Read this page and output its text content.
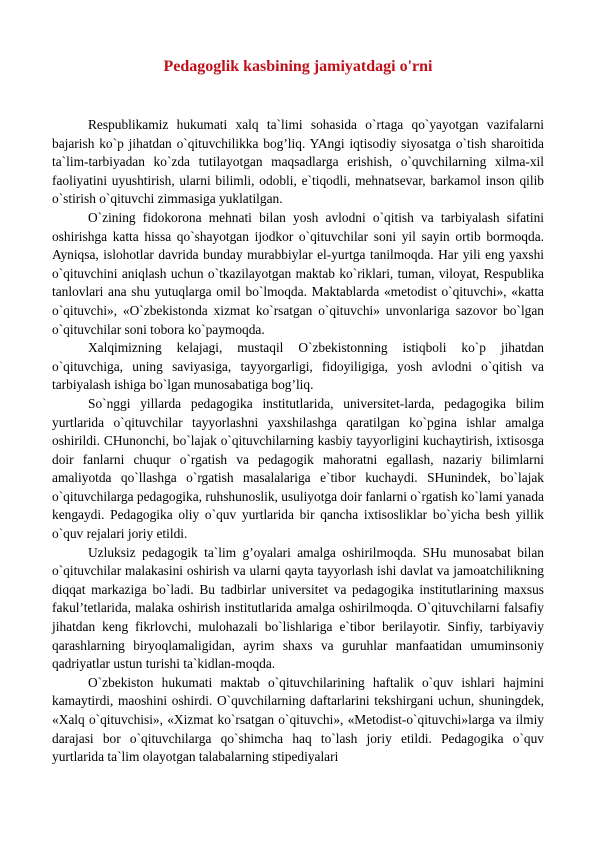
Pedagoglik kasbining jamiyatdagi o'rni

Respublikamiz hukumati xalq ta`limi sohasida o`rtaga qo`yayotgan vazifalarni bajarish ko`p jihatdan o`qituvchilikka bog’liq. YAngi iqtisodiy siyosatga o`tish sharoitida ta`lim-tarbiyadan ko`zda tutilayotgan maqsadlarga erishish, o`quvchilarning xilma-xil faoliyatini uyushtirish, ularni bilimli, odobli, e`tiqodli, mehnatsevar, barkamol inson qilib o`stirish o`qituvchi zimmasiga yuklatilgan.

O`zining fidokorona mehnati bilan yosh avlodni o`qitish va tarbiyalash sifatini oshirishga katta hissa qo`shayotgan ijodkor o`qituvchilar soni yil sayin ortib bormoqda. Ayniqsa, islohotlar davrida bunday murabbiylar el-yurtga tanilmoqda. Har yili eng yaxshi o`qituvchini aniqlash uchun o`tkazilayotgan maktab ko`riklari, tuman, viloyat, Respublika tanlovlari ana shu yutuqlarga omil bo`lmoqda. Maktablarda «metodist o`qituvchi», «katta o`qituvchi», «O`zbekistonda xizmat ko`rsatgan o`qituvchi» unvonlariga sazovor bo`lgan o`qituvchilar soni tobora ko`paymoqda.

Xalqimizning kelajagi, mustaqil O`zbekistonning istiqboli ko`p jihatdan o`qituvchiga, uning saviyasiga, tayyorgarligi, fidoyiligiga, yosh avlodni o`qitish va tarbiyalash ishiga bo`lgan munosabatiga bog’liq.

So`nggi yillarda pedagogika institutlarida, universitet-larda, pedagogika bilim yurtlarida o`qituvchilar tayyorlashni yaxshilashga qaratilgan ko`pgina ishlar amalga oshirildi. CHunonchi, bo`lajak o`qituvchilarning kasbiy tayyorligini kuchaytirish, ixtisosga doir fanlarni chuqur o`rgatish va pedagogik mahoratni egallash, nazariy bilimlarni amaliyotda qo`llashga o`rgatish masalalariga e`tibor kuchaydi. SHunindek, bo`lajak o`qituvchilarga pedagogika, ruhshunoslik, usuliyotga doir fanlarni o`rgatish ko`lami yanada kengaydi. Pedagogika oliy o`quv yurtlarida bir qancha ixtisosliklar bo`yicha besh yillik o`quv rejalari joriy etildi.

Uzluksiz pedagogik ta`lim g’oyalari amalga oshirilmoqda. SHu munosabat bilan o`qituvchilar malakasini oshirish va ularni qayta tayyorlash ishi davlat va jamoatchilikning diqqat markaziga bo`ladi. Bu tadbirlar universitet va pedagogika institutlarining maxsus fakul’tetlarida, malaka oshirish institutlarida amalga oshirilmoqda. O`qituvchilarni falsafiy jihatdan keng fikrlovchi, mulohazali bo`lishlariga e`tibor berilayotir. Sinfiy, tarbiyaviy qarashlarning biryoqlamaligidan, ayrim shaxs va guruhlar manfaatidan umuminsoniy qadriyatlar ustun turishi ta`kidlan-moqda.

O`zbekiston hukumati maktab o`qituvchilarining haftalik o`quv ishlari hajmini kamaytirdi, maoshini oshirdi. O`quvchilarning daftarlarini tekshirgani uchun, shuningdek, «Xalq o`qituvchisi», «Xizmat ko`rsatgan o`qituvchi», «Metodist-o`qituvchi»larga va ilmiy darajasi bor o`qituvchilarga qo`shimcha haq to`lash joriy etildi. Pedagogika o`quv yurtlarida ta`lim olayotgan talabalarning stipediyalari
